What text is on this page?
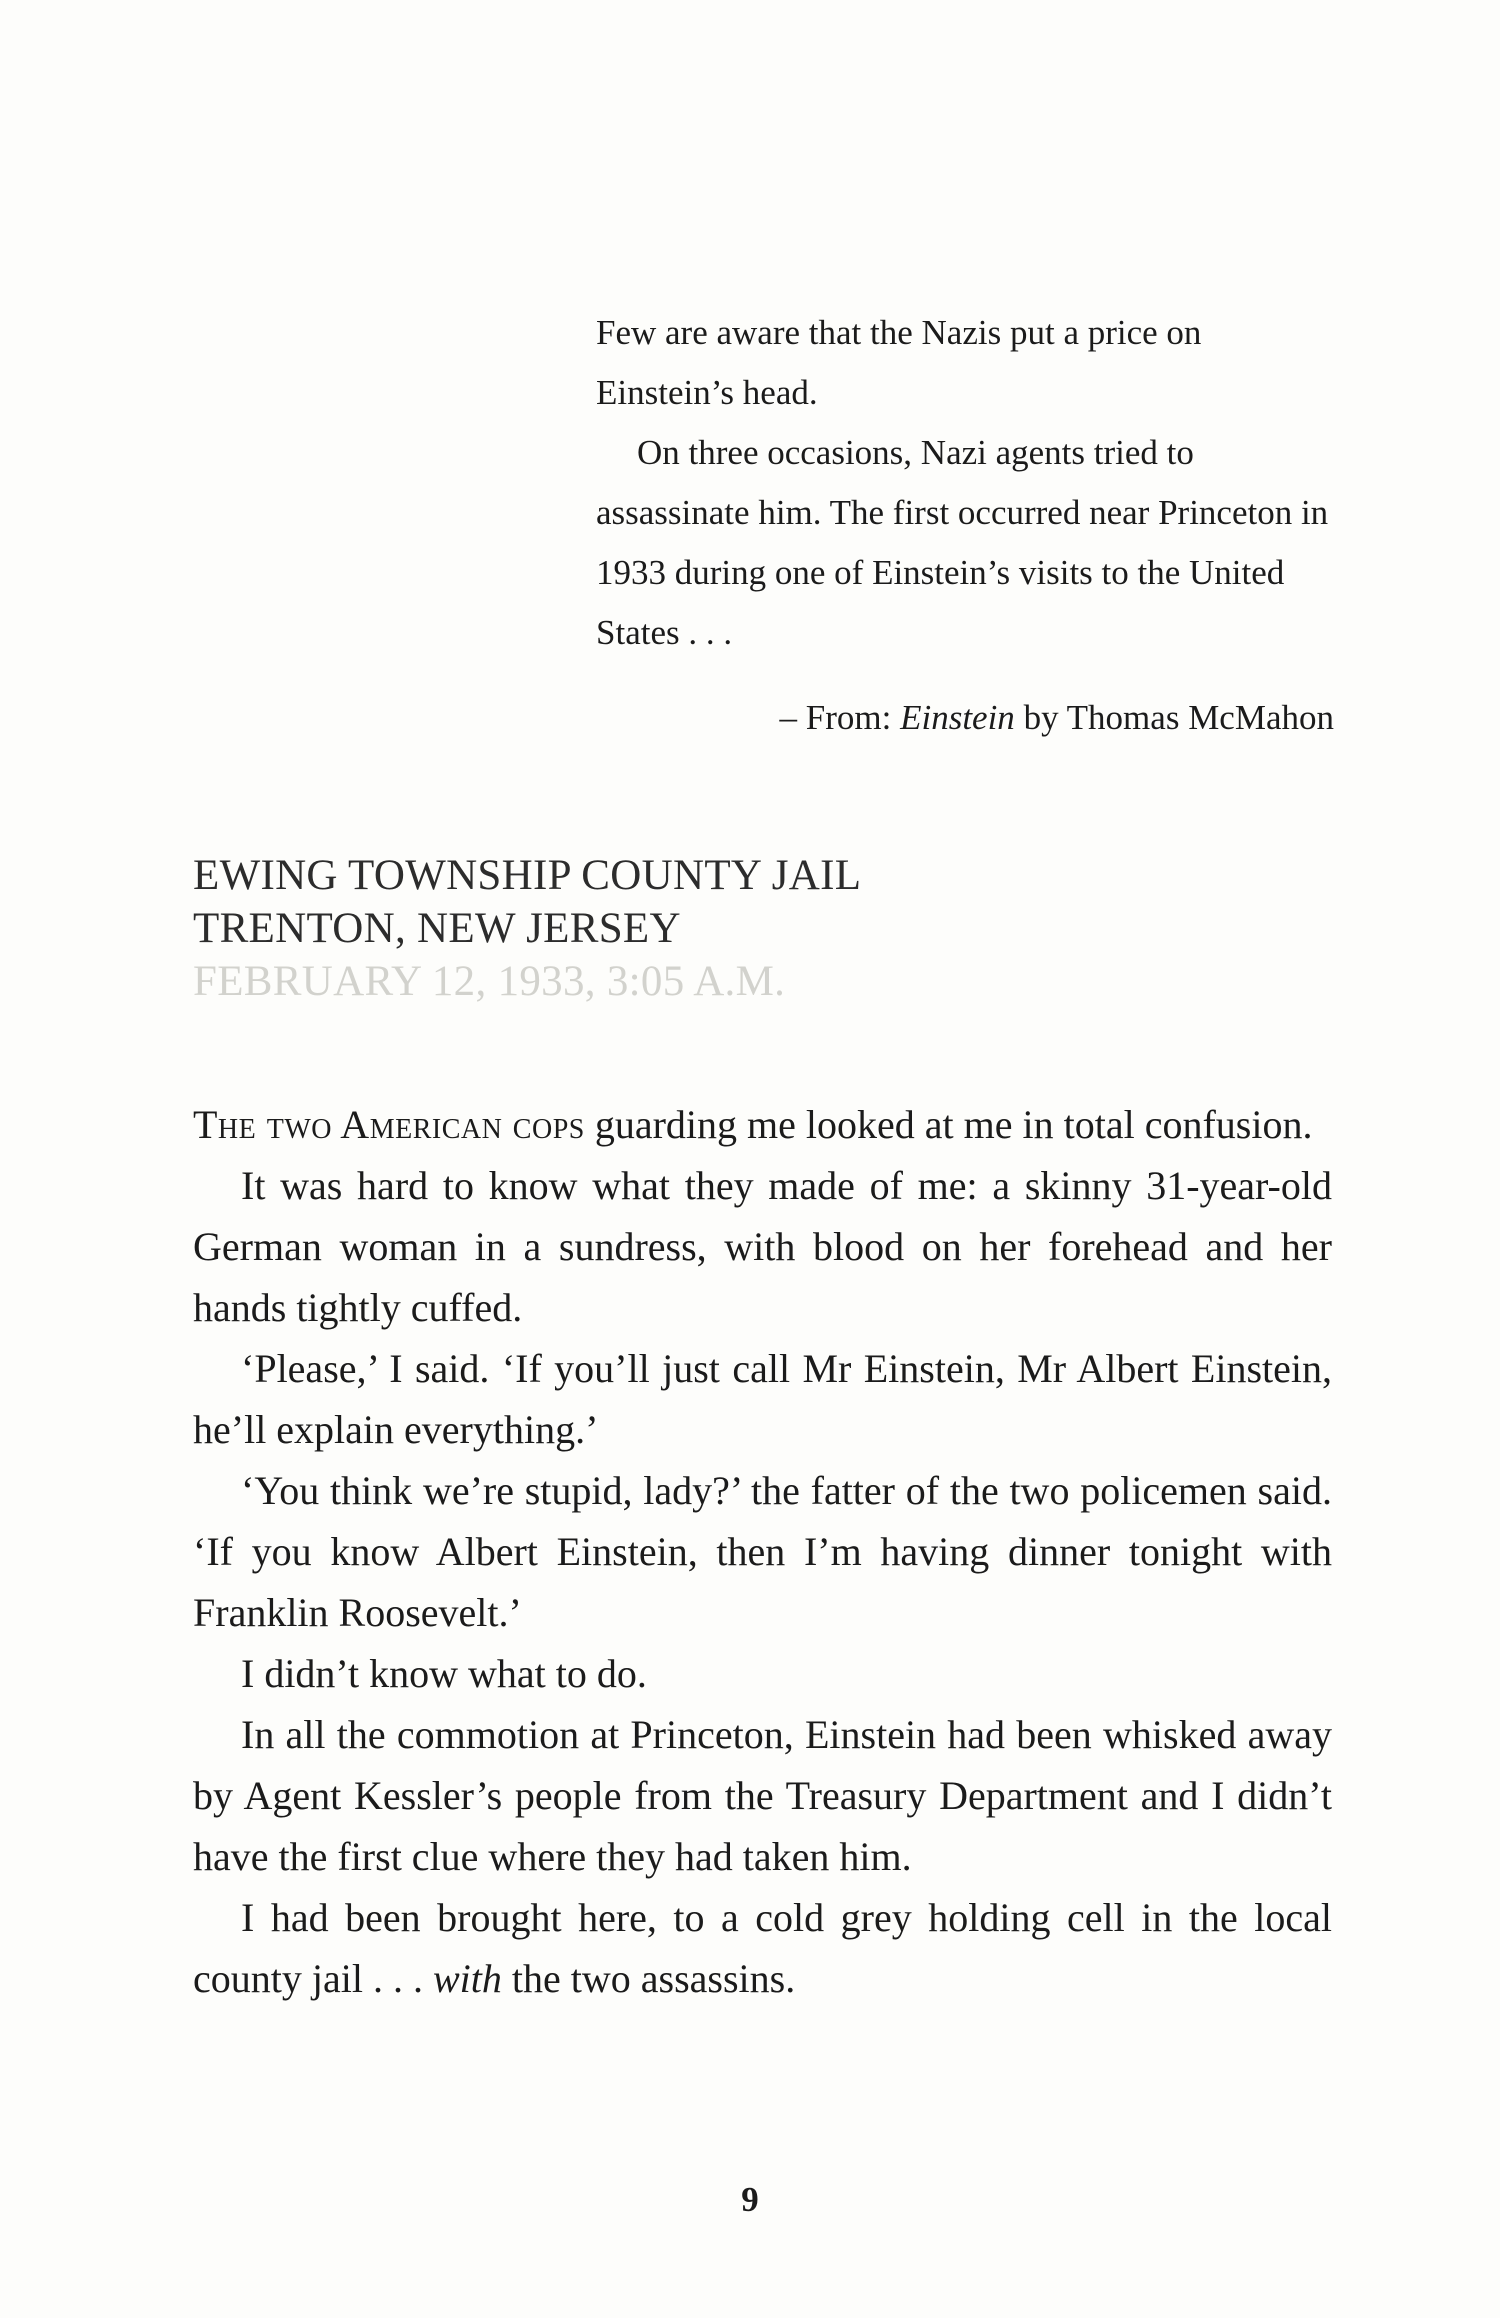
Few are aware that the Nazis put a price on Einstein’s head.

On three occasions, Nazi agents tried to assassinate him. The first occurred near Princeton in 1933 during one of Einstein’s visits to the United States . . .

– From: Einstein by Thomas McMahon
EWING TOWNSHIP COUNTY JAIL
TRENTON, NEW JERSEY
FEBRUARY 12, 1933, 3:05 A.M.

The two American cops guarding me looked at me in total confusion.

It was hard to know what they made of me: a skinny 31-year-old German woman in a sundress, with blood on her forehead and her hands tightly cuffed.

‘Please,’ I said. ‘If you’ll just call Mr Einstein, Mr Albert Einstein, he’ll explain everything.’

‘You think we’re stupid, lady?’ the fatter of the two policemen said. ‘If you know Albert Einstein, then I’m having dinner tonight with Franklin Roosevelt.’

I didn’t know what to do.

In all the commotion at Princeton, Einstein had been whisked away by Agent Kessler’s people from the Treasury Department and I didn’t have the first clue where they had taken him.

I had been brought here, to a cold grey holding cell in the local county jail . . . with the two assassins.

9
